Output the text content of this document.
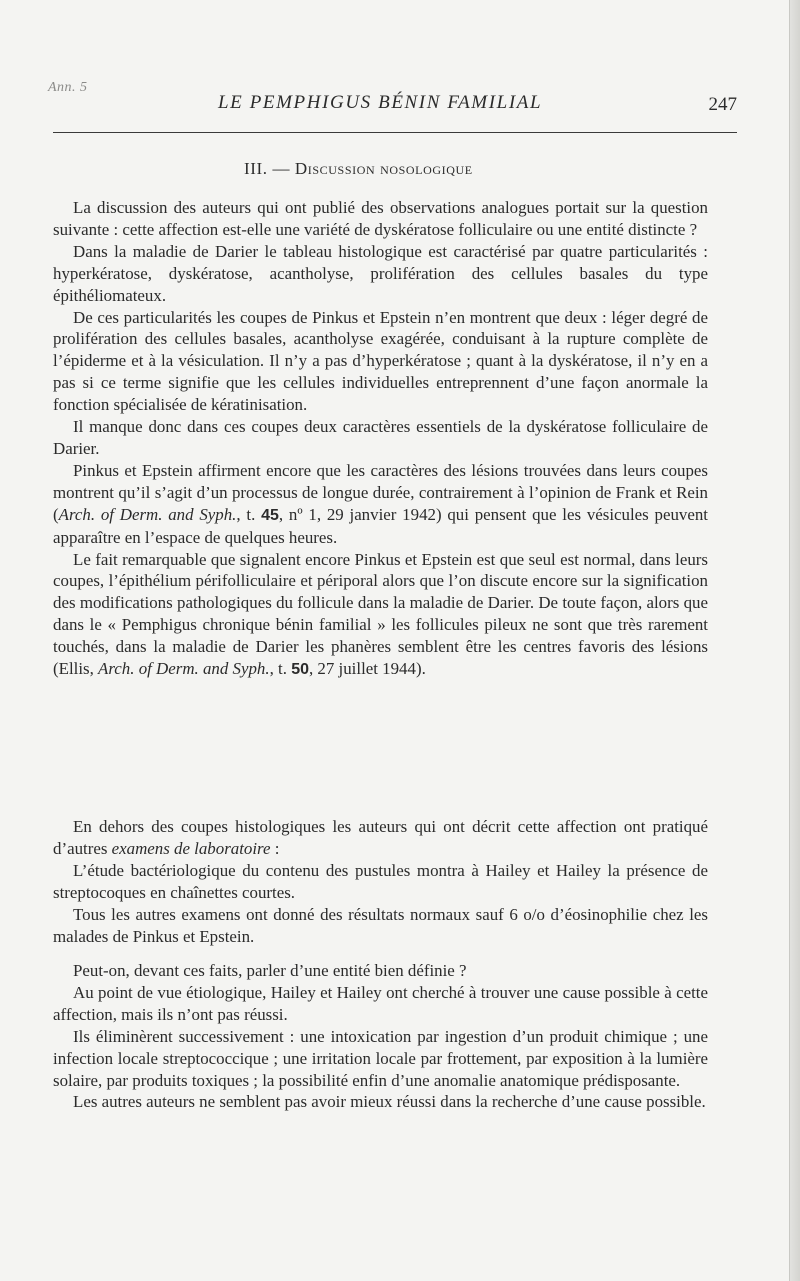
Ann. 5
LE PEMPHIGUS BÉNIN FAMILIAL	247
III. — Discussion nosologique

La discussion des auteurs qui ont publié des observations analogues portait sur la question suivante : cette affection est-elle une variété de dyskératose folliculaire ou une entité distincte ?

Dans la maladie de Darier le tableau histologique est caractérisé par quatre particularités : hyperkératose, dyskératose, acantholyse, prolifération des cellules basales du type épithéliomateux.

De ces particularités les coupes de Pinkus et Epstein n’en montrent que deux : léger degré de prolifération des cellules basales, acantholyse exagérée, conduisant à la rupture complète de l’épiderme et à la vésiculation. Il n’y a pas d’hyperkératose ; quant à la dyskératose, il n’y en a pas si ce terme signifie que les cellules individuelles entreprennent d’une façon anormale la fonction spécialisée de kératinisation.

Il manque donc dans ces coupes deux caractères essentiels de la dyskératose folliculaire de Darier.

Pinkus et Epstein affirment encore que les caractères des lésions trouvées dans leurs coupes montrent qu’il s’agit d’un processus de longue durée, contrairement à l’opinion de Frank et Rein (Arch. of Derm. and Syph., t. 45, nº 1, 29 janvier 1942) qui pensent que les vésicules peuvent apparaître en l’espace de quelques heures.

Le fait remarquable que signalent encore Pinkus et Epstein est que seul est normal, dans leurs coupes, l’épithélium périfolliculaire et périporal alors que l’on discute encore sur la signification des modifications pathologiques du follicule dans la maladie de Darier. De toute façon, alors que dans le « Pemphigus chronique bénin familial » les follicules pileux ne sont que très rarement touchés, dans la maladie de Darier les phanères semblent être les centres favoris des lésions (Ellis, Arch. of Derm. and Syph., t. 50, 27 juillet 1944).

En dehors des coupes histologiques les auteurs qui ont décrit cette affection ont pratiqué d’autres examens de laboratoire :

L’étude bactériologique du contenu des pustules montra à Hailey et Hailey la présence de streptocoques en chaînettes courtes.

Tous les autres examens ont donné des résultats normaux sauf 6 o/o d’éosinophilie chez les malades de Pinkus et Epstein.

Peut-on, devant ces faits, parler d’une entité bien définie ?

Au point de vue étiologique, Hailey et Hailey ont cherché à trouver une cause possible à cette affection, mais ils n’ont pas réussi.

Ils éliminèrent successivement : une intoxication par ingestion d’un produit chimique ; une infection locale streptococcique ; une irritation locale par frottement, par exposition à la lumière solaire, par produits toxiques ; la possibilité enfin d’une anomalie anatomique prédisposante.

Les autres auteurs ne semblent pas avoir mieux réussi dans la recherche d’une cause possible.
